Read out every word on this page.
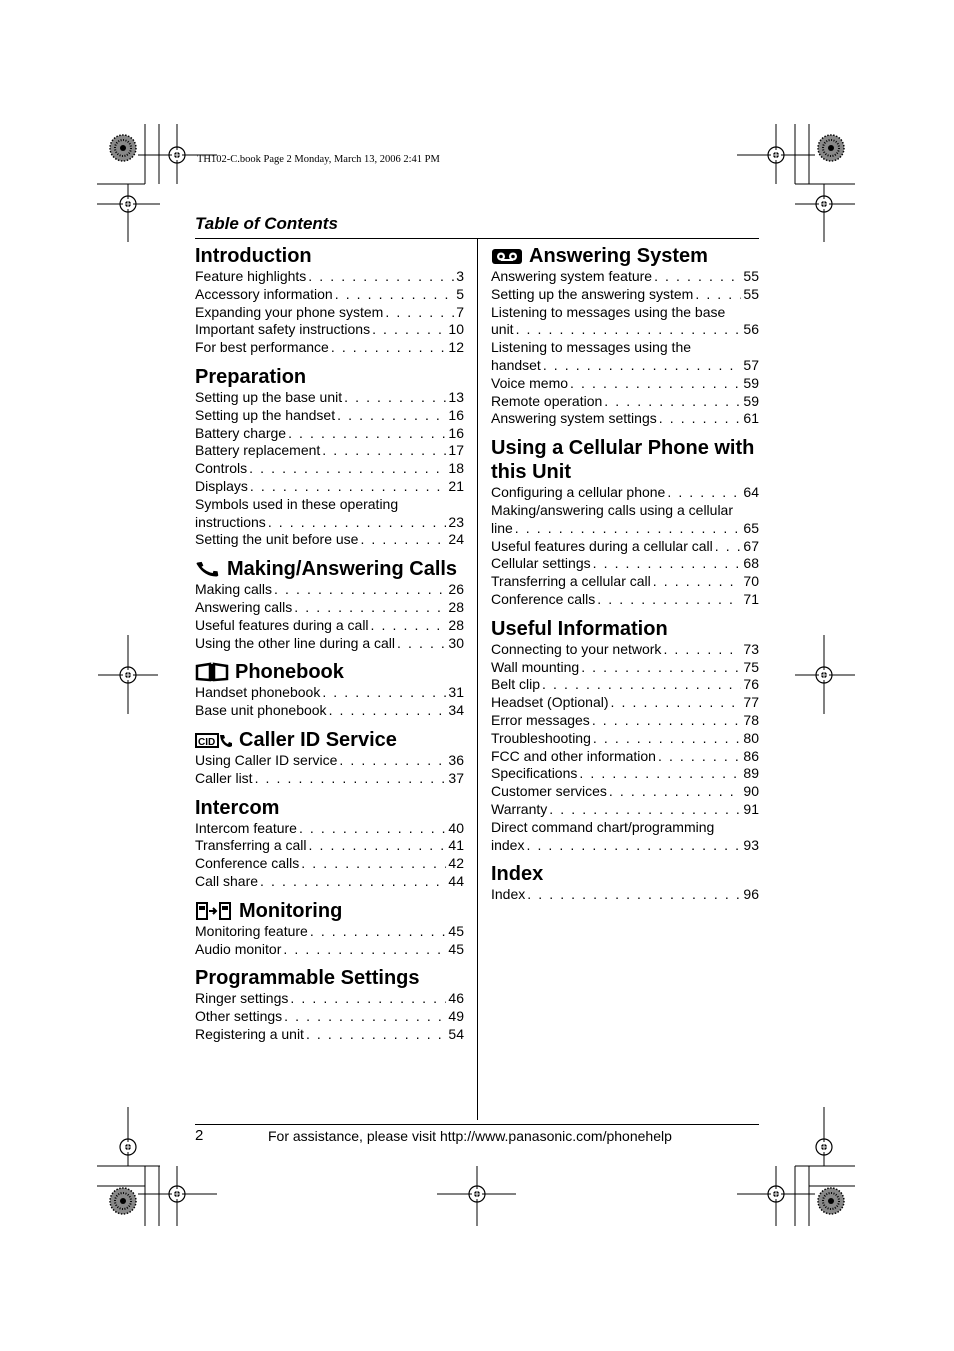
TH102-C.book Page 2 Monday, March 13, 2006 2:41 PM
Table of Contents
Introduction
Feature highlights . . .	3
Accessory information . . .	5
Expanding your phone system . . .	7
Important safety instructions . . .	10
For best performance . . .	12
Preparation
Setting up the base unit . . .	13
Setting up the handset . . .	16
Battery charge . . .	16
Battery replacement . . .	17
Controls . . .	18
Displays . . .	21
Symbols used in these operating
instructions . . .	23
Setting the unit before use . . .	24
Making/Answering Calls
Making calls . . .	26
Answering calls . . .	28
Useful features during a call . . .	28
Using the other line during a call . . .	30
Phonebook
Handset phonebook . . .	31
Base unit phonebook . . .	34
CID Caller ID Service
Using Caller ID service . . .	36
Caller list . . .	37
Intercom
Intercom feature . . .	40
Transferring a call . . .	41
Conference calls . . .	42
Call share . . .	44
Monitoring
Monitoring feature . . .	45
Audio monitor . . .	45
Programmable Settings
Ringer settings . . .	46
Other settings . . .	49
Registering a unit . . .	54
Answering System
Answering system feature . . .	55
Setting up the answering system . . .	55
Listening to messages using the base
unit . . .	56
Listening to messages using the
handset . . .	57
Voice memo . . .	59
Remote operation . . .	59
Answering system settings . . .	61
Using a Cellular Phone with this Unit
Configuring a cellular phone . . .	64
Making/answering calls using a cellular
line . . .	65
Useful features during a cellular call . . . 67
Cellular settings . . .	68
Transferring a cellular call . . .	70
Conference calls . . .	71
Useful Information
Connecting to your network . . .	73
Wall mounting . . .	75
Belt clip . . .	76
Headset (Optional) . . .	77
Error messages . . .	78
Troubleshooting . . .	80
FCC and other information . . .	86
Specifications . . .	89
Customer services . . .	90
Warranty . . .	91
Direct command chart/programming
index . . .	93
Index
Index . . .	96
2	For assistance, please visit http://www.panasonic.com/phonehelp
